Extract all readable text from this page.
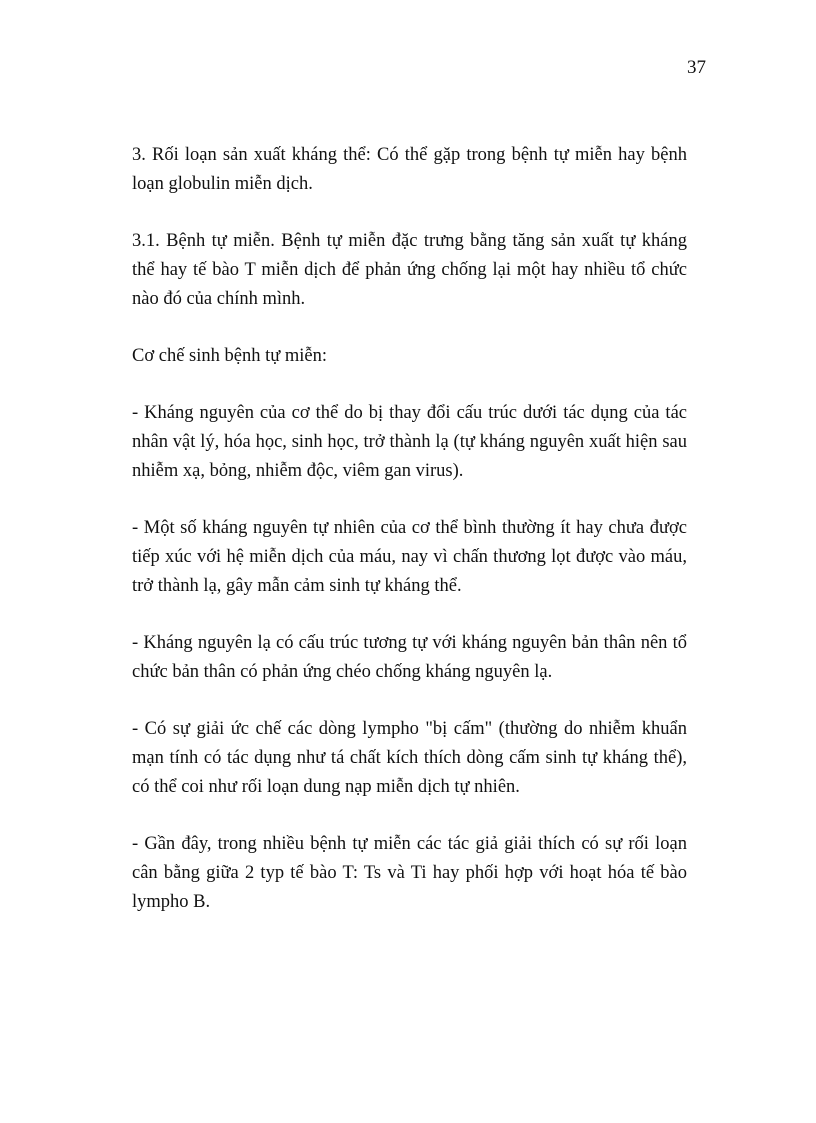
37

3. Rối loạn sản xuất kháng thể: Có thể gặp trong bệnh tự miễn hay bệnh loạn globulin miễn dịch.

3.1. Bệnh tự miễn. Bệnh tự miễn đặc trưng bằng tăng sản xuất tự kháng thể hay tế bào T miễn dịch để phản ứng chống lại một hay nhiều tổ chức nào đó của chính mình.

Cơ chế sinh bệnh tự miễn:

- Kháng nguyên của cơ thể do bị thay đổi cấu trúc dưới tác dụng của tác nhân vật lý, hóa học, sinh học, trở thành lạ (tự kháng nguyên xuất hiện sau nhiễm xạ, bỏng, nhiễm độc, viêm gan virus).

- Một số kháng nguyên tự nhiên của cơ thể bình thường ít hay chưa được tiếp xúc với hệ miễn dịch của máu, nay vì chấn thương lọt được vào máu, trở thành lạ, gây mẫn cảm sinh tự kháng thể.

- Kháng nguyên lạ có cấu trúc tương tự với kháng nguyên bản thân nên tổ chức bản thân có phản ứng chéo chống kháng nguyên lạ.

- Có sự giải ức chế các dòng lympho "bị cấm" (thường do nhiễm khuẩn mạn tính có tác dụng như tá chất kích thích dòng cấm sinh tự kháng thể), có thể coi như rối loạn dung nạp miễn dịch tự nhiên.

- Gần đây, trong nhiều bệnh tự miễn các tác giả giải thích có sự rối loạn cân bằng giữa 2 typ tế bào T: Ts và Ti hay phối hợp với hoạt hóa tế bào lympho B.
